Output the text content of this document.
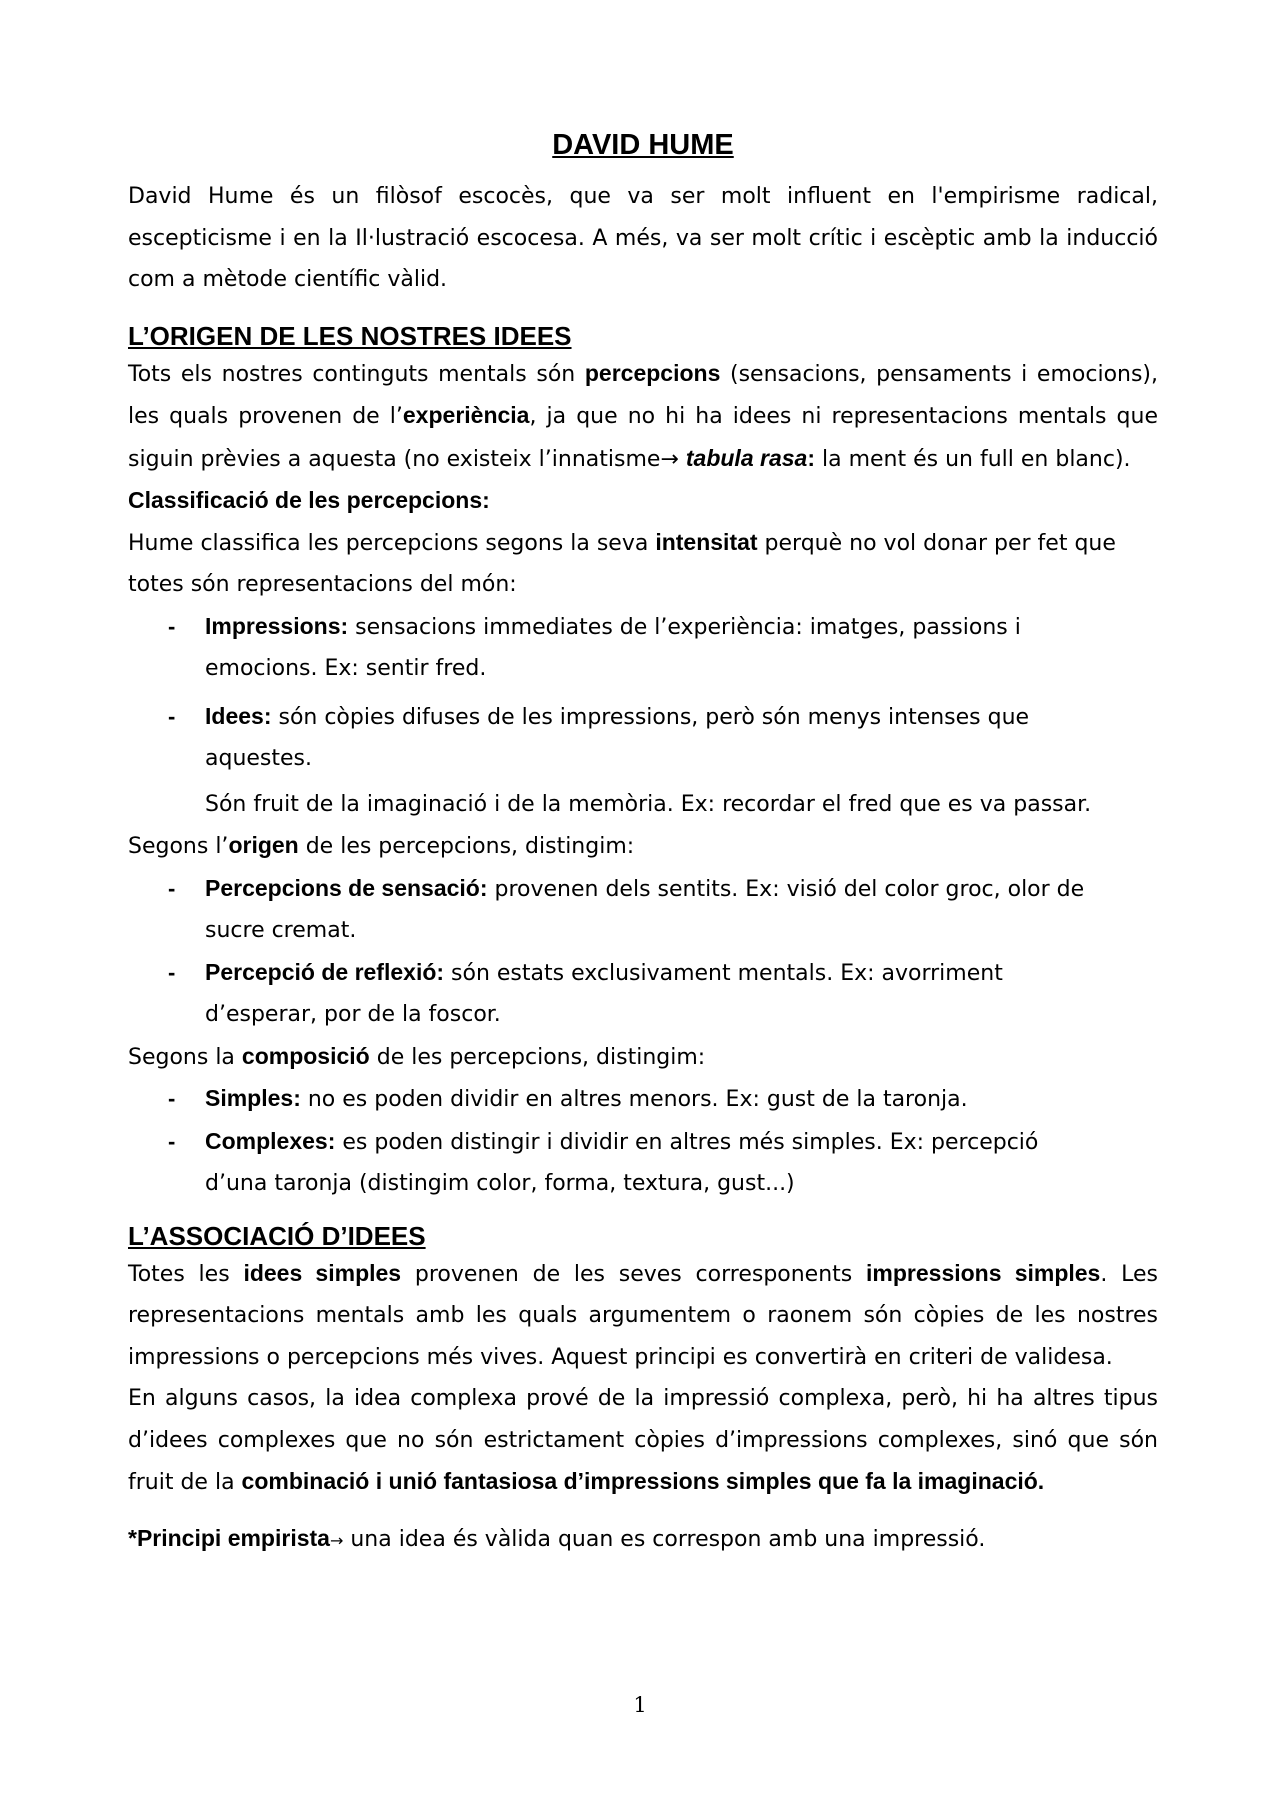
DAVID HUME

David Hume és un filòsof escocès, que va ser molt influent en l'empirisme radical, escepticisme i en la Il·lustració escocesa. A més, va ser molt crític i escèptic amb la inducció com a mètode científic vàlid.

L’ORIGEN DE LES NOSTRES IDEES

Tots els nostres continguts mentals són percepcions (sensacions, pensaments i emocions), les quals provenen de l’experiència, ja que no hi ha idees ni representacions mentals que siguin prèvies a aquesta (no existeix l’innatisme→ tabula rasa: la ment és un full en blanc).

Classificació de les percepcions:

Hume classifica les percepcions segons la seva intensitat perquè no vol donar per fet que totes són representacions del món:

- Impressions: sensacions immediates de l’experiència: imatges, passions i emocions. Ex: sentir fred.
- Idees: són còpies difuses de les impressions, però són menys intenses que aquestes.

Són fruit de la imaginació i de la memòria. Ex: recordar el fred que es va passar.

Segons l’origen de les percepcions, distingim:

- Percepcions de sensació: provenen dels sentits. Ex: visió del color groc, olor de sucre cremat.
- Percepció de reflexió: són estats exclusivament mentals. Ex: avorriment d’esperar, por de la foscor.

Segons la composició de les percepcions, distingim:

- Simples: no es poden dividir en altres menors. Ex: gust de la taronja.
- Complexes: es poden distingir i dividir en altres més simples. Ex: percepció d’una taronja (distingim color, forma, textura, gust...)
L’ASSOCIACIÓ D’IDEES

Totes les idees simples provenen de les seves corresponents impressions simples. Les representacions mentals amb les quals argumentem o raonem són còpies de les nostres impressions o percepcions més vives. Aquest principi es convertirà en criteri de validesa.

En alguns casos, la idea complexa prové de la impressió complexa, però, hi ha altres tipus d’idees complexes que no són estrictament còpies d’impressions complexes, sinó que són fruit de la combinació i unió fantasiosa d’impressions simples que fa la imaginació.

*Principi empirista→ una idea és vàlida quan es correspon amb una impressió.

1
